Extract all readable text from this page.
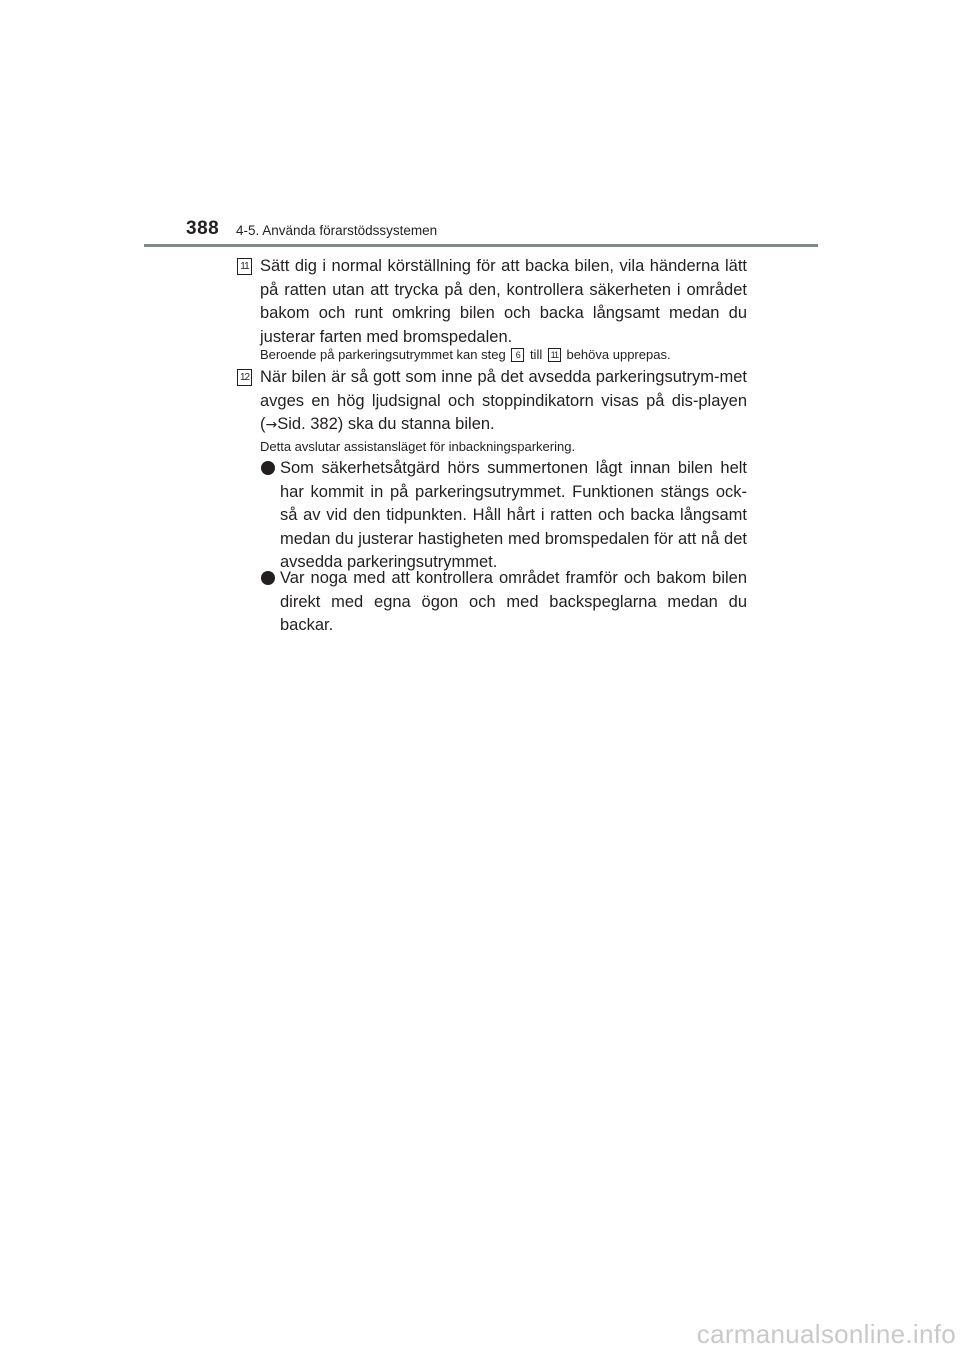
388 4-5. Använda förarstödssystemen
11 Sätt dig i normal körställning för att backa bilen, vila händerna lätt på ratten utan att trycka på den, kontrollera säkerheten i området bakom och runt omkring bilen och backa långsamt medan du justerar farten med bromspedalen.
Beroende på parkeringsutrymmet kan steg 6 till 11 behöva upprepas.
12 När bilen är så gott som inne på det avsedda parkeringsutrym-met avges en hög ljudsignal och stoppindikatorn visas på dis-playen (→Sid. 382) ska du stanna bilen.
Detta avslutar assistansläget för inbackningsparkering.
Som säkerhetsåtgärd hörs summertonen lågt innan bilen helt har kommit in på parkeringsutrymmet. Funktionen stängs ock-så av vid den tidpunkten. Håll hårt i ratten och backa långsamt medan du justerar hastigheten med bromspedalen för att nå det avsedda parkeringsutrymmet.
Var noga med att kontrollera området framför och bakom bilen direkt med egna ögon och med backspeglarna medan du backar.
carmanualsonline.info
